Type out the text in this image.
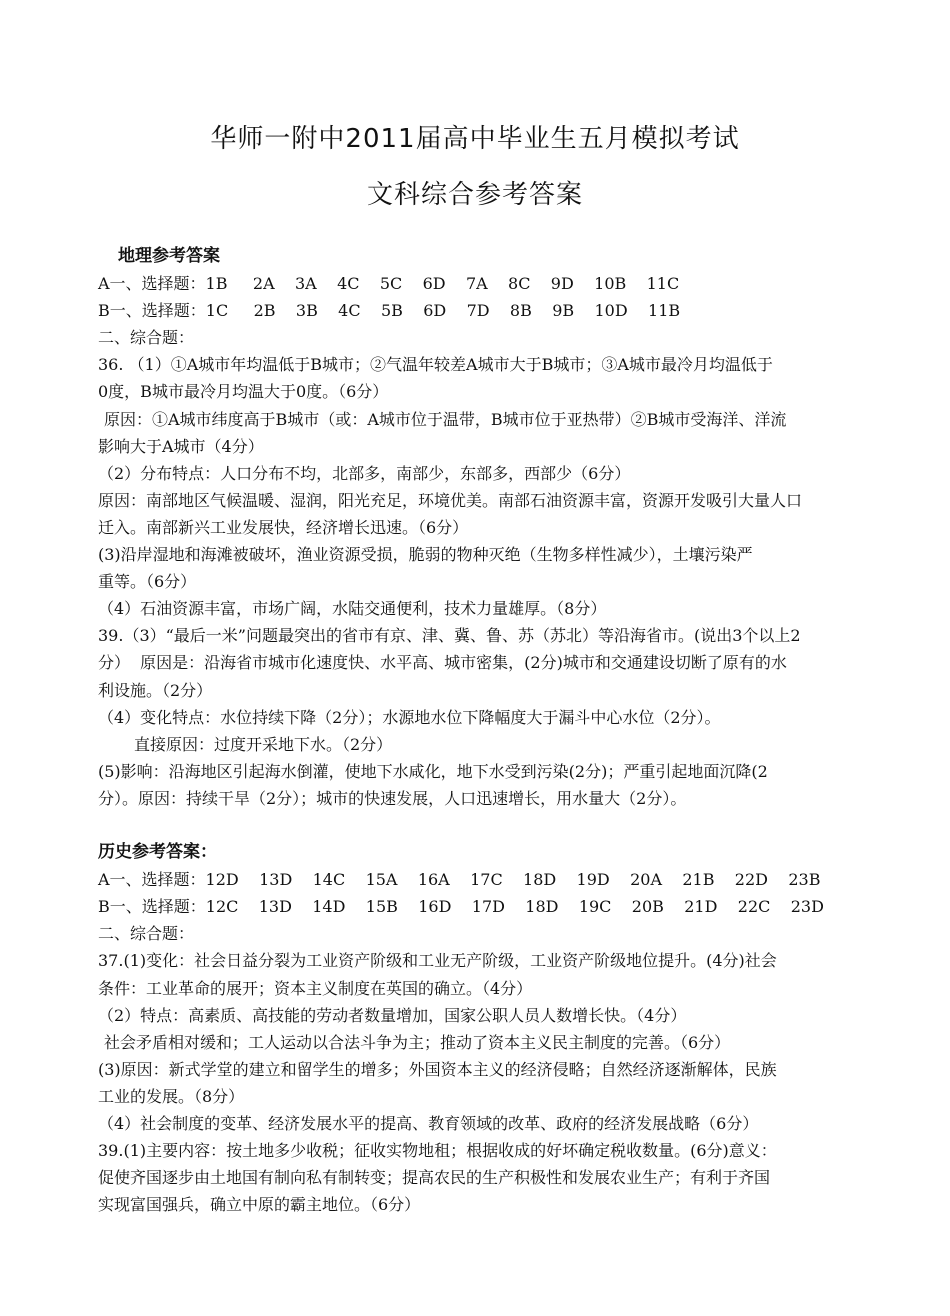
华师一附中2011届高中毕业生五月模拟考试
文科综合参考答案
地理参考答案
A一、选择题：1B     2A    3A    4C    5C    6D    7A    8C    9D    10B    11C
B一、选择题：1C     2B    3B    4C    5B    6D    7D    8B    9B    10D    11B
二、综合题：
36. （1）①A城市年均温低于B城市；②气温年较差A城市大于B城市；③A城市最冷月均温低于
0度，B城市最冷月均温大于0度。（6分）
原因：①A城市纬度高于B城市（或：A城市位于温带，B城市位于亚热带）②B城市受海洋、洋流
影响大于A城市（4分）
（2）分布特点：人口分布不均，北部多，南部少，东部多，西部少（6分）
原因：南部地区气候温暖、湿润，阳光充足，环境优美。南部石油资源丰富，资源开发吸引大量人口
迁入。南部新兴工业发展快，经济增长迅速。（6分）
(3)沿岸湿地和海滩被破坏，渔业资源受损，脆弱的物种灭绝（生物多样性减少），土壤污染严
重等。（6分）
（4）石油资源丰富，市场广阔，水陆交通便利，技术力量雄厚。（8分）
39.（3）“最后一米”问题最突出的省市有京、津、冀、鲁、苏（苏北）等沿海省市。(说出3个以上2
分）  原因是：沿海省市城市化速度快、水平高、城市密集，(2分)城市和交通建设切断了原有的水
利设施。（2分）
（4）变化特点：水位持续下降（2分）；水源地水位下降幅度大于漏斗中心水位（2分）。
直接原因：过度开采地下水。（2分）
(5)影响：沿海地区引起海水倒灌，使地下水咸化，地下水受到污染(2分)；严重引起地面沉降(2
分）。原因：持续干旱（2分）；城市的快速发展，人口迅速增长，用水量大（2分）。
历史参考答案：
A一、选择题：12D    13D    14C    15A    16A    17C    18D    19D    20A    21B    22D    23B
B一、选择题：12C    13D    14D    15B    16D    17D    18D    19C    20B    21D    22C    23D
二、综合题：
37.(1)变化：社会日益分裂为工业资产阶级和工业无产阶级，工业资产阶级地位提升。(4分)社会
条件：工业革命的展开；资本主义制度在英国的确立。（4分）
（2）特点：高素质、高技能的劳动者数量增加，国家公职人员人数增长快。（4分）
社会矛盾相对缓和；工人运动以合法斗争为主；推动了资本主义民主制度的完善。（6分）
(3)原因：新式学堂的建立和留学生的增多；外国资本主义的经济侵略；自然经济逐渐解体，民族
工业的发展。（8分）
（4）社会制度的变革、经济发展水平的提高、教育领域的改革、政府的经济发展战略（6分）
39.(1)主要内容：按土地多少收税；征收实物地租；根据收成的好坏确定税收数量。(6分)意义：
促使齐国逐步由土地国有制向私有制转变；提高农民的生产积极性和发展农业生产；有利于齐国
实现富国强兵，确立中原的霸主地位。（6分）
